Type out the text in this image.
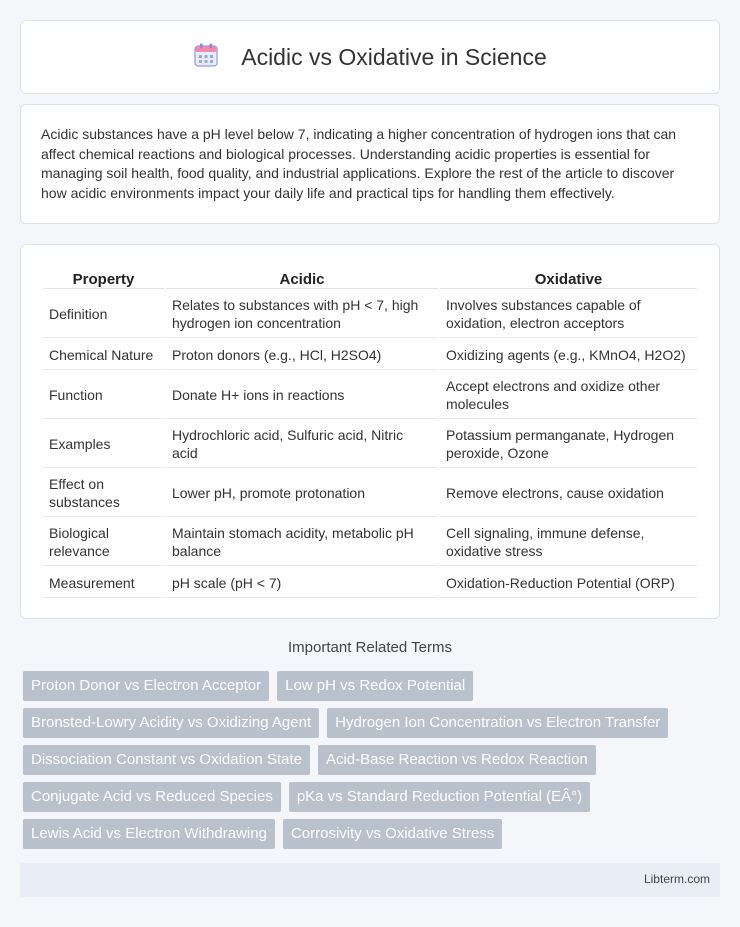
Acidic vs Oxidative in Science

Acidic substances have a pH level below 7, indicating a higher concentration of hydrogen ions that can affect chemical reactions and biological processes. Understanding acidic properties is essential for managing soil health, food quality, and industrial applications. Explore the rest of the article to discover how acidic environments impact your daily life and practical tips for handling them effectively.

Property	Acidic	Oxidative
Definition	Relates to substances with pH < 7, high hydrogen ion concentration	Involves substances capable of oxidation, electron acceptors
Chemical Nature	Proton donors (e.g., HCl, H2SO4)	Oxidizing agents (e.g., KMnO4, H2O2)
Function	Donate H+ ions in reactions	Accept electrons and oxidize other molecules
Examples	Hydrochloric acid, Sulfuric acid, Nitric acid	Potassium permanganate, Hydrogen peroxide, Ozone
Effect on substances	Lower pH, promote protonation	Remove electrons, cause oxidation
Biological relevance	Maintain stomach acidity, metabolic pH balance	Cell signaling, immune defense, oxidative stress
Measurement	pH scale (pH < 7)	Oxidation-Reduction Potential (ORP)
Important Related Terms
Proton Donor vs Electron Acceptor	Low pH vs Redox Potential
Bronsted-Lowry Acidity vs Oxidizing Agent	Hydrogen Ion Concentration vs Electron Transfer
Dissociation Constant vs Oxidation State	Acid-Base Reaction vs Redox Reaction
Conjugate Acid vs Reduced Species	pKa vs Standard Reduction Potential (EÂ°)
Lewis Acid vs Electron Withdrawing	Corrosivity vs Oxidative Stress
Libterm.com
